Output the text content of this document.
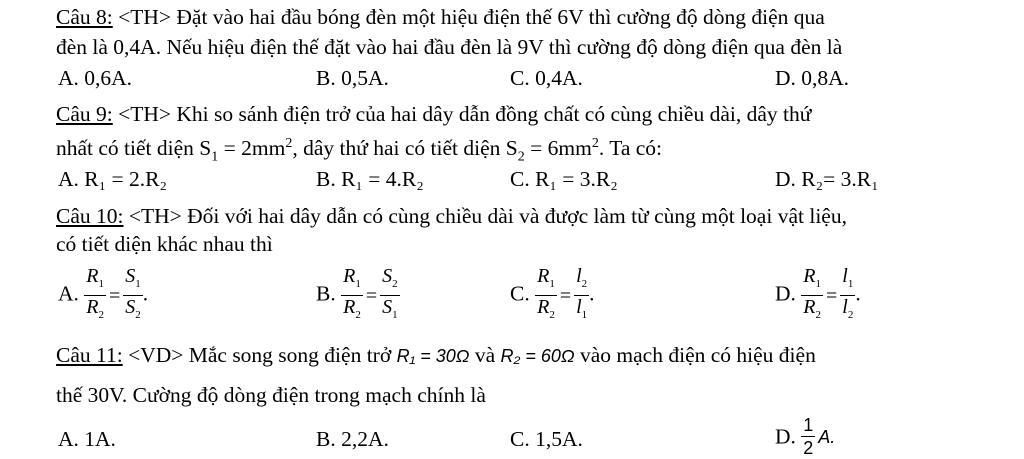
Câu 8: <TH> Đặt vào hai đầu bóng đèn một hiệu điện thế 6V thì cường độ dòng điện qua
đèn là 0,4A. Nếu hiệu điện thế đặt vào hai đầu đèn là 9V thì cường độ dòng điện qua đèn là
A. 0,6A.	B. 0,5A.	C. 0,4A.	D. 0,8A.
Câu 9: <TH> Khi so sánh điện trở của hai dây dẫn đồng chất có cùng chiều dài, dây thứ
nhất có tiết diện $S_1 = 2mm^2$, dây thứ hai có tiết diện $S_2 = 6mm^2$. Ta có:
A. R₁ = 2.R₂	B. R₁ = 4.R₂	C. R₁ = 3.R₂	D. R₂= 3.R₁
Câu 10: <TH> Đối với hai dây dẫn có cùng chiều dài và được làm từ cùng một loại vật liệu,
có tiết diện khác nhau thì
A. $\frac{R_1}{R_2} = \frac{S_1}{S_2}$ .	B. $\frac{R_1}{R_2} = \frac{S_2}{S_1}$	C. $\frac{R_1}{R_2} = \frac{l_2}{l_1}$ .	D. $\frac{R_1}{R_2} = \frac{l_1}{l_2}$ .
Câu 11: <VD> Mắc song song điện trở R₁ = 30Ω và R₂ = 60Ω vào mạch điện có hiệu điện
thế 30V. Cường độ dòng điện trong mạch chính là
A. 1A.	B. 2,2A.	C. 1,5A.	D. $\frac{1}{2} A$.
